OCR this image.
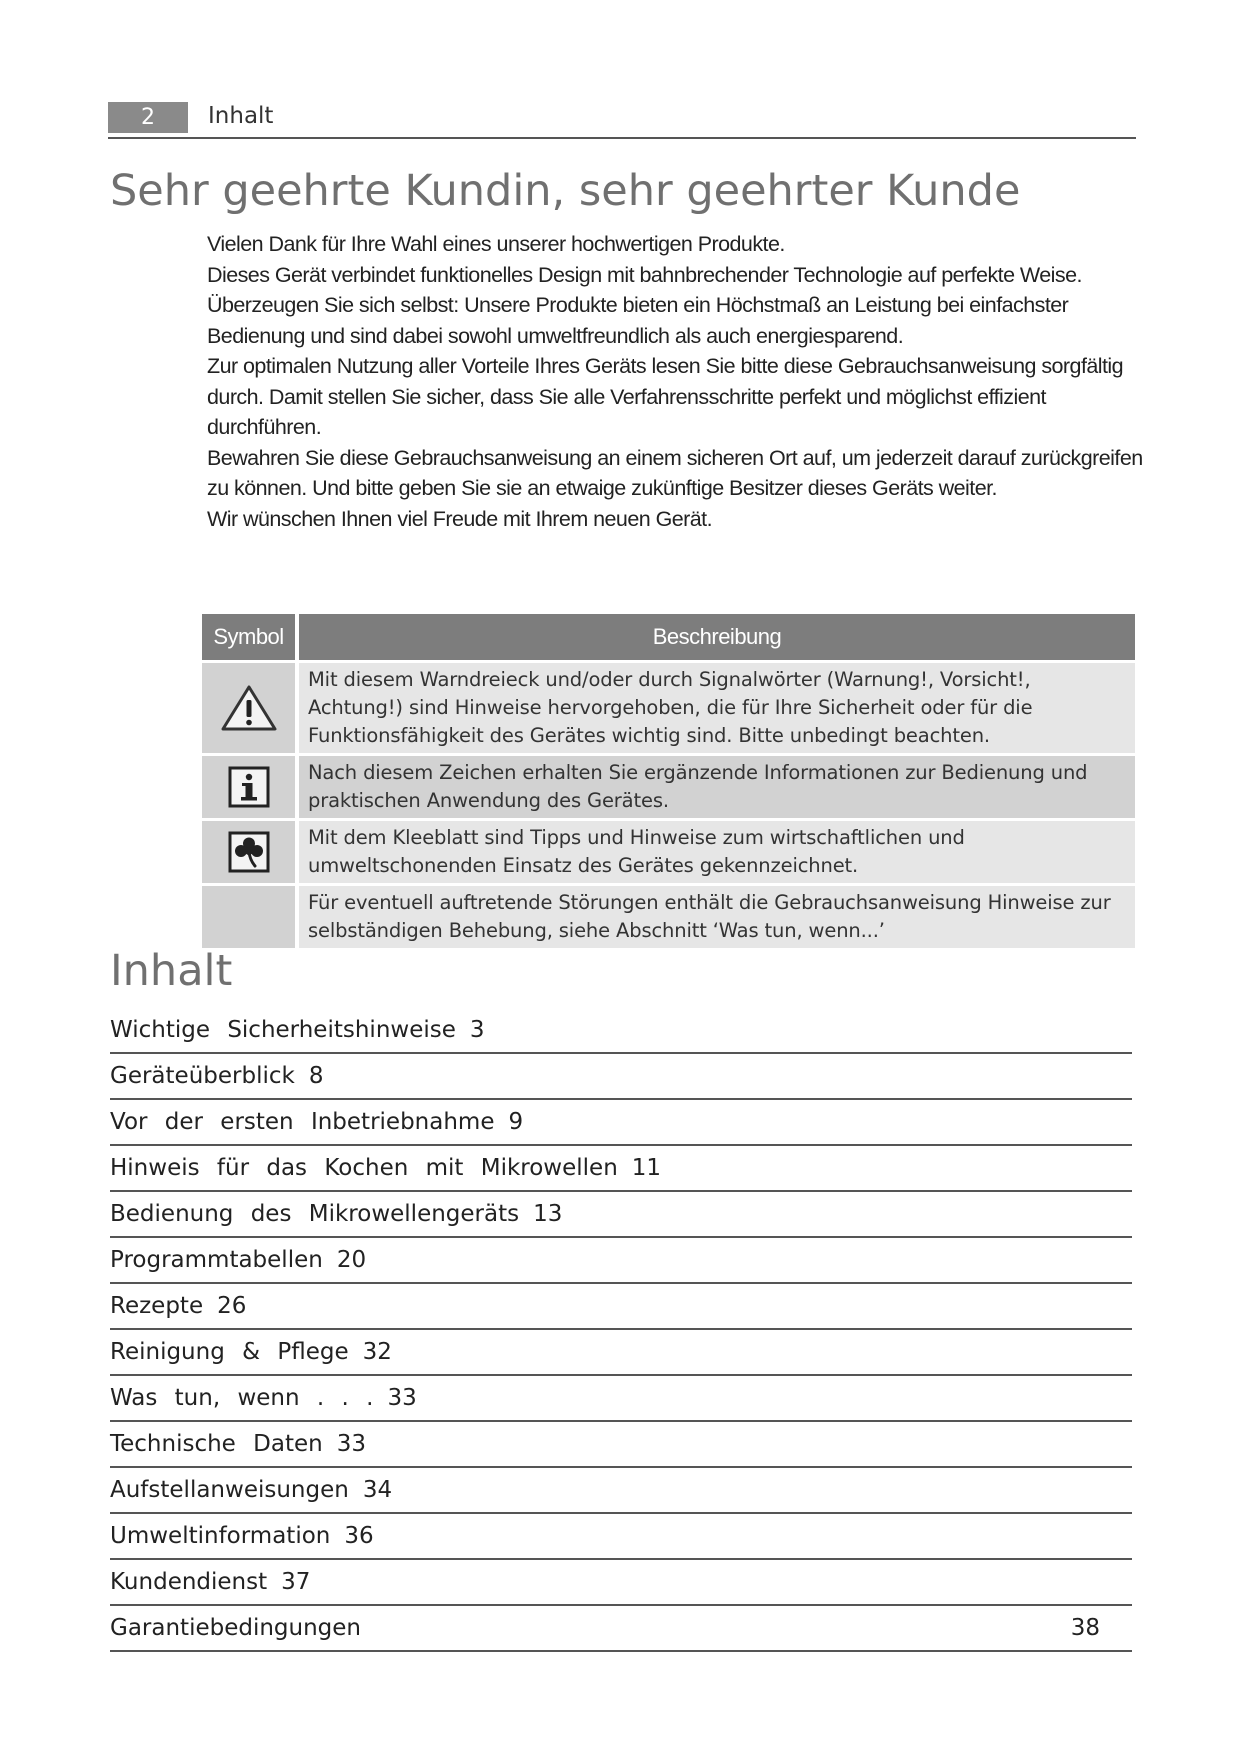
2	Inhalt
Sehr geehrte Kundin, sehr geehrter Kunde

Vielen Dank für Ihre Wahl eines unserer hochwertigen Produkte.

Dieses Gerät verbindet funktionelles Design mit bahnbrechender Technologie auf perfekte Weise.

Überzeugen Sie sich selbst: Unsere Produkte bieten ein Höchstmaß an Leistung bei einfachster Bedienung und sind dabei sowohl umweltfreundlich als auch energiesparend.

Zur optimalen Nutzung aller Vorteile Ihres Geräts lesen Sie bitte diese Gebrauchsanweisung sorgfältig durch. Damit stellen Sie sicher, dass Sie alle Verfahrensschritte perfekt und möglichst effizient durchführen.

Bewahren Sie diese Gebrauchsanweisung an einem sicheren Ort auf, um jederzeit darauf zurückgreifen zu können. Und bitte geben Sie sie an etwaige zukünftige Besitzer dieses Geräts weiter.

Wir wünschen Ihnen viel Freude mit Ihrem neuen Gerät.

Symbol	Beschreibung
Mit diesem Warndreieck und/oder durch Signalwörter (Warnung!, Vorsicht!, Achtung!) sind Hinweise hervorgehoben, die für Ihre Sicherheit oder für die Funktionsfähigkeit des Gerätes wichtig sind. Bitte unbedingt beachten.
Nach diesem Zeichen erhalten Sie ergänzende Informationen zur Bedienung und praktischen Anwendung des Gerätes.
Mit dem Kleeblatt sind Tipps und Hinweise zum wirtschaftlichen und umweltschonenden Einsatz des Gerätes gekennzeichnet.
Für eventuell auftretende Störungen enthält die Gebrauchsanweisung Hinweise zur selbständigen Behebung, siehe Abschnitt ‘Was tun, wenn...’
Inhalt
Wichtige Sicherheitshinweise 3
Geräteüberblick 8
Vor der ersten Inbetriebnahme 9
Hinweis für das Kochen mit Mikrowellen 11
Bedienung des Mikrowellengeräts 13
Programmtabellen 20
Rezepte 26
Reinigung & Pflege 32
Was tun, wenn . . . 33
Technische Daten 33
Aufstellanweisungen 34
Umweltinformation 36
Kundendienst 37
Garantiebedingungen	38
